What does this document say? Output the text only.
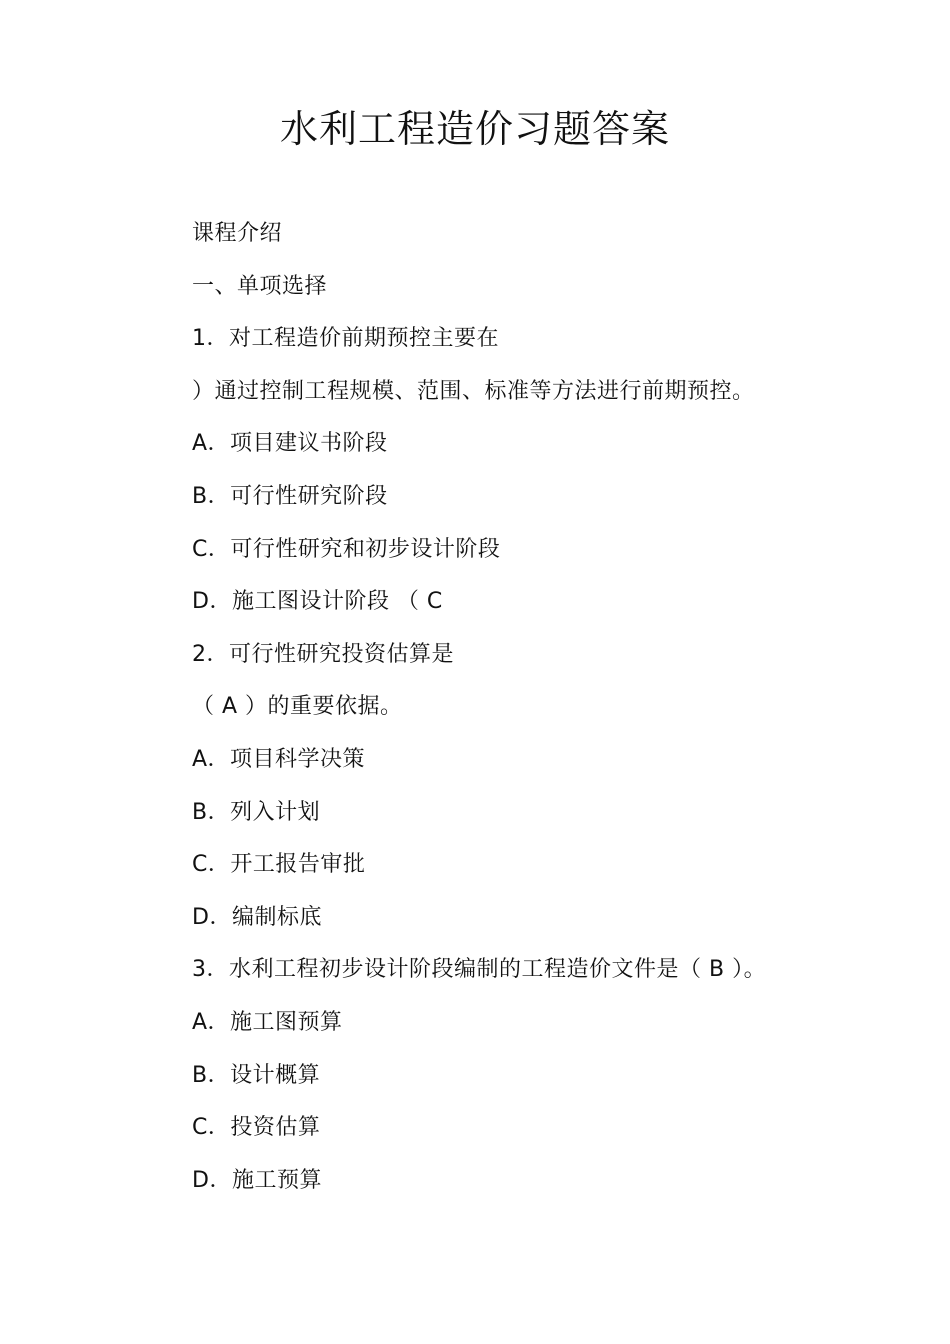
水利工程造价习题答案
课程介绍
一、单项选择
1．对工程造价前期预控主要在
）通过控制工程规模、范围、标准等方法进行前期预控。
A．项目建议书阶段
B．可行性研究阶段
C．可行性研究和初步设计阶段
D．施工图设计阶段 （ C
2．可行性研究投资估算是
（ A ）的重要依据。
A．项目科学决策
B．列入计划
C．开工报告审批
D．编制标底
3．水利工程初步设计阶段编制的工程造价文件是（ B ）。
A．施工图预算
B．设计概算
C．投资估算
D．施工预算
